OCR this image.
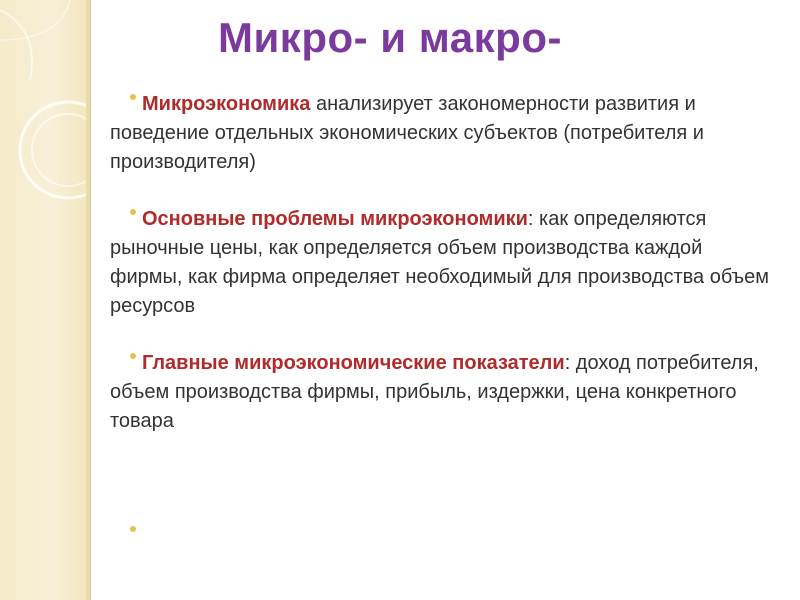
Микро- и макро-
Микроэкономика анализирует закономерности развития и поведение отдельных экономических субъектов (потребителя и производителя)
Основные проблемы микроэкономики: как определяются рыночные цены, как определяется объем производства каждой фирмы, как фирма определяет необходимый для производства объем ресурсов
Главные микроэкономические показатели: доход потребителя, объем производства фирмы, прибыль, издержки, цена конкретного товара
